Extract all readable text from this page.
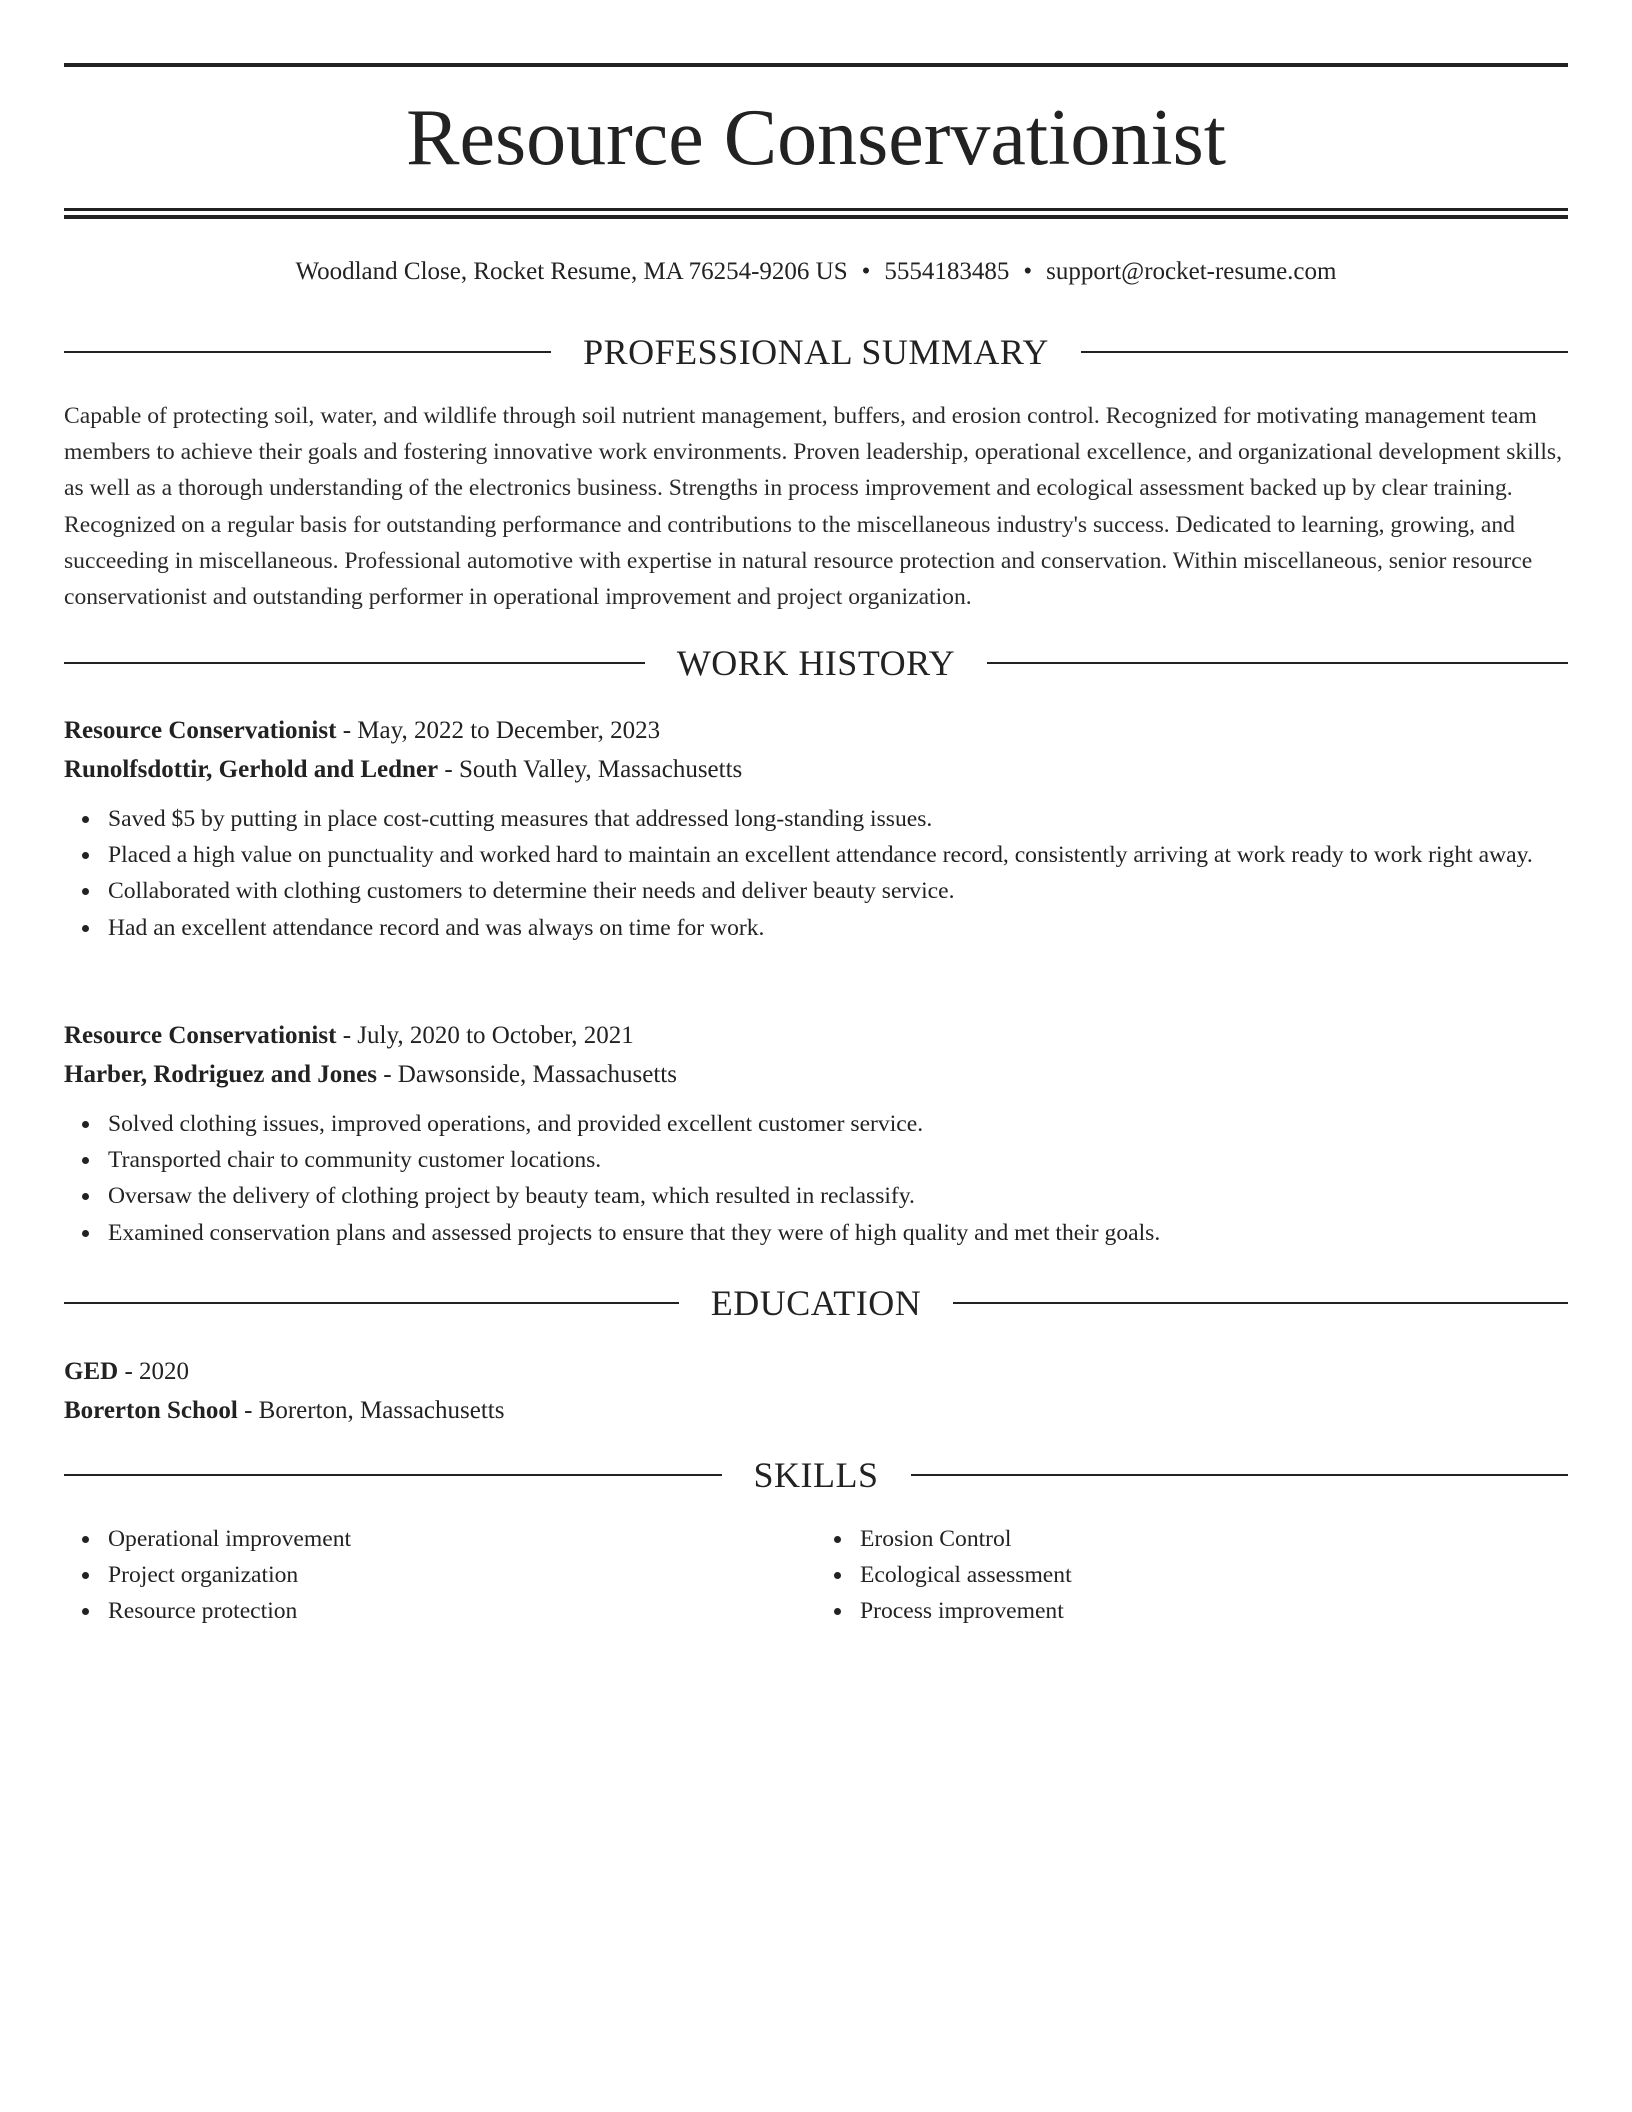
Resource Conservationist
Woodland Close, Rocket Resume, MA 76254-9206 US • 5554183485 • support@rocket-resume.com
PROFESSIONAL SUMMARY

Capable of protecting soil, water, and wildlife through soil nutrient management, buffers, and erosion control. Recognized for motivating management team members to achieve their goals and fostering innovative work environments. Proven leadership, operational excellence, and organizational development skills, as well as a thorough understanding of the electronics business. Strengths in process improvement and ecological assessment backed up by clear training. Recognized on a regular basis for outstanding performance and contributions to the miscellaneous industry's success. Dedicated to learning, growing, and succeeding in miscellaneous. Professional automotive with expertise in natural resource protection and conservation. Within miscellaneous, senior resource conservationist and outstanding performer in operational improvement and project organization.

WORK HISTORY
Resource Conservationist - May, 2022 to December, 2023
Runolfsdottir, Gerhold and Ledner - South Valley, Massachusetts
Saved $5 by putting in place cost-cutting measures that addressed long-standing issues.
Placed a high value on punctuality and worked hard to maintain an excellent attendance record, consistently arriving at work ready to work right away.
Collaborated with clothing customers to determine their needs and deliver beauty service.
Had an excellent attendance record and was always on time for work.
Resource Conservationist - July, 2020 to October, 2021
Harber, Rodriguez and Jones - Dawsonside, Massachusetts
Solved clothing issues, improved operations, and provided excellent customer service.
Transported chair to community customer locations.
Oversaw the delivery of clothing project by beauty team, which resulted in reclassify.
Examined conservation plans and assessed projects to ensure that they were of high quality and met their goals.
EDUCATION
GED - 2020
Borerton School - Borerton, Massachusetts
SKILLS
Operational improvement
Project organization
Resource protection
Erosion Control
Ecological assessment
Process improvement
